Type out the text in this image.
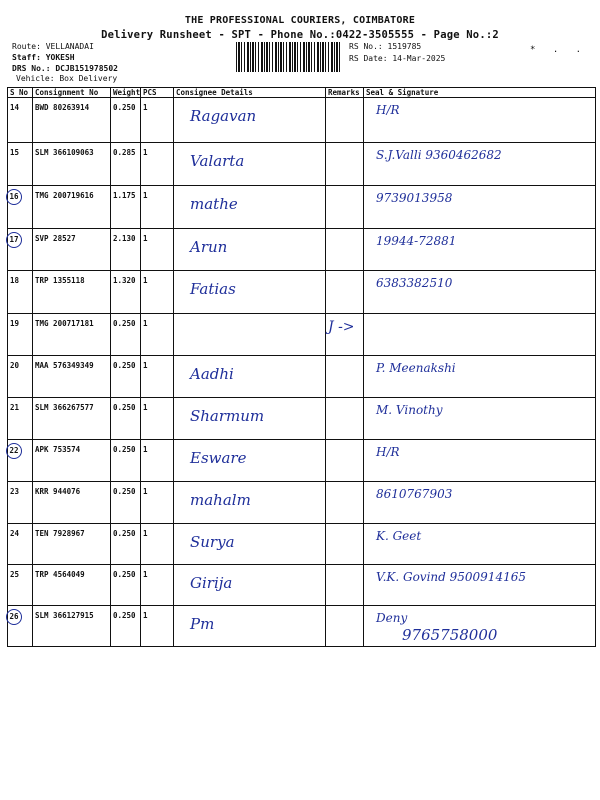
THE PROFESSIONAL COURIERS, COIMBATORE
Delivery Runsheet - SPT - Phone No.:0422-3505555 - Page No.:2
Route: VELLANADAI
Staff: YOKESH
DRS No.: DCJB151978502
Vehicle: Box Delivery
RS No.: 1519785
RS Date: 14-Mar-2025
* . .
S No	Consignment No	Weight	PCS	Consignee Details	Remarks	Seal & Signature
14	BWD 80263914	0.250	1	Ragavan		H/R
15	SLM 366109063	0.285	1	Valarta		S.J.Valli 9360462682
16	TMG 200719616	1.175	1	mathe		9739013958
17	SVP 28527	2.130	1	Arun		19944-72881
18	TRP 1355118	1.320	1	Fatias		6383382510
19	TMG 200717181	0.250	1		J ->	
20	MAA 576349349	0.250	1	Aadhi		P. Meenakshi
21	SLM 366267577	0.250	1	Sharmum		M. Vinothy
22	APK 753574	0.250	1	Esware		H/R
23	KRR 944076	0.250	1	mahalm		8610767903
24	TEN 7928967	0.250	1	Surya		K. Geet
25	TRP 4564049	0.250	1	Girija		V.K. Govind 9500914165
26	SLM 366127915	0.250	1	Pm		Deny
9765758000
